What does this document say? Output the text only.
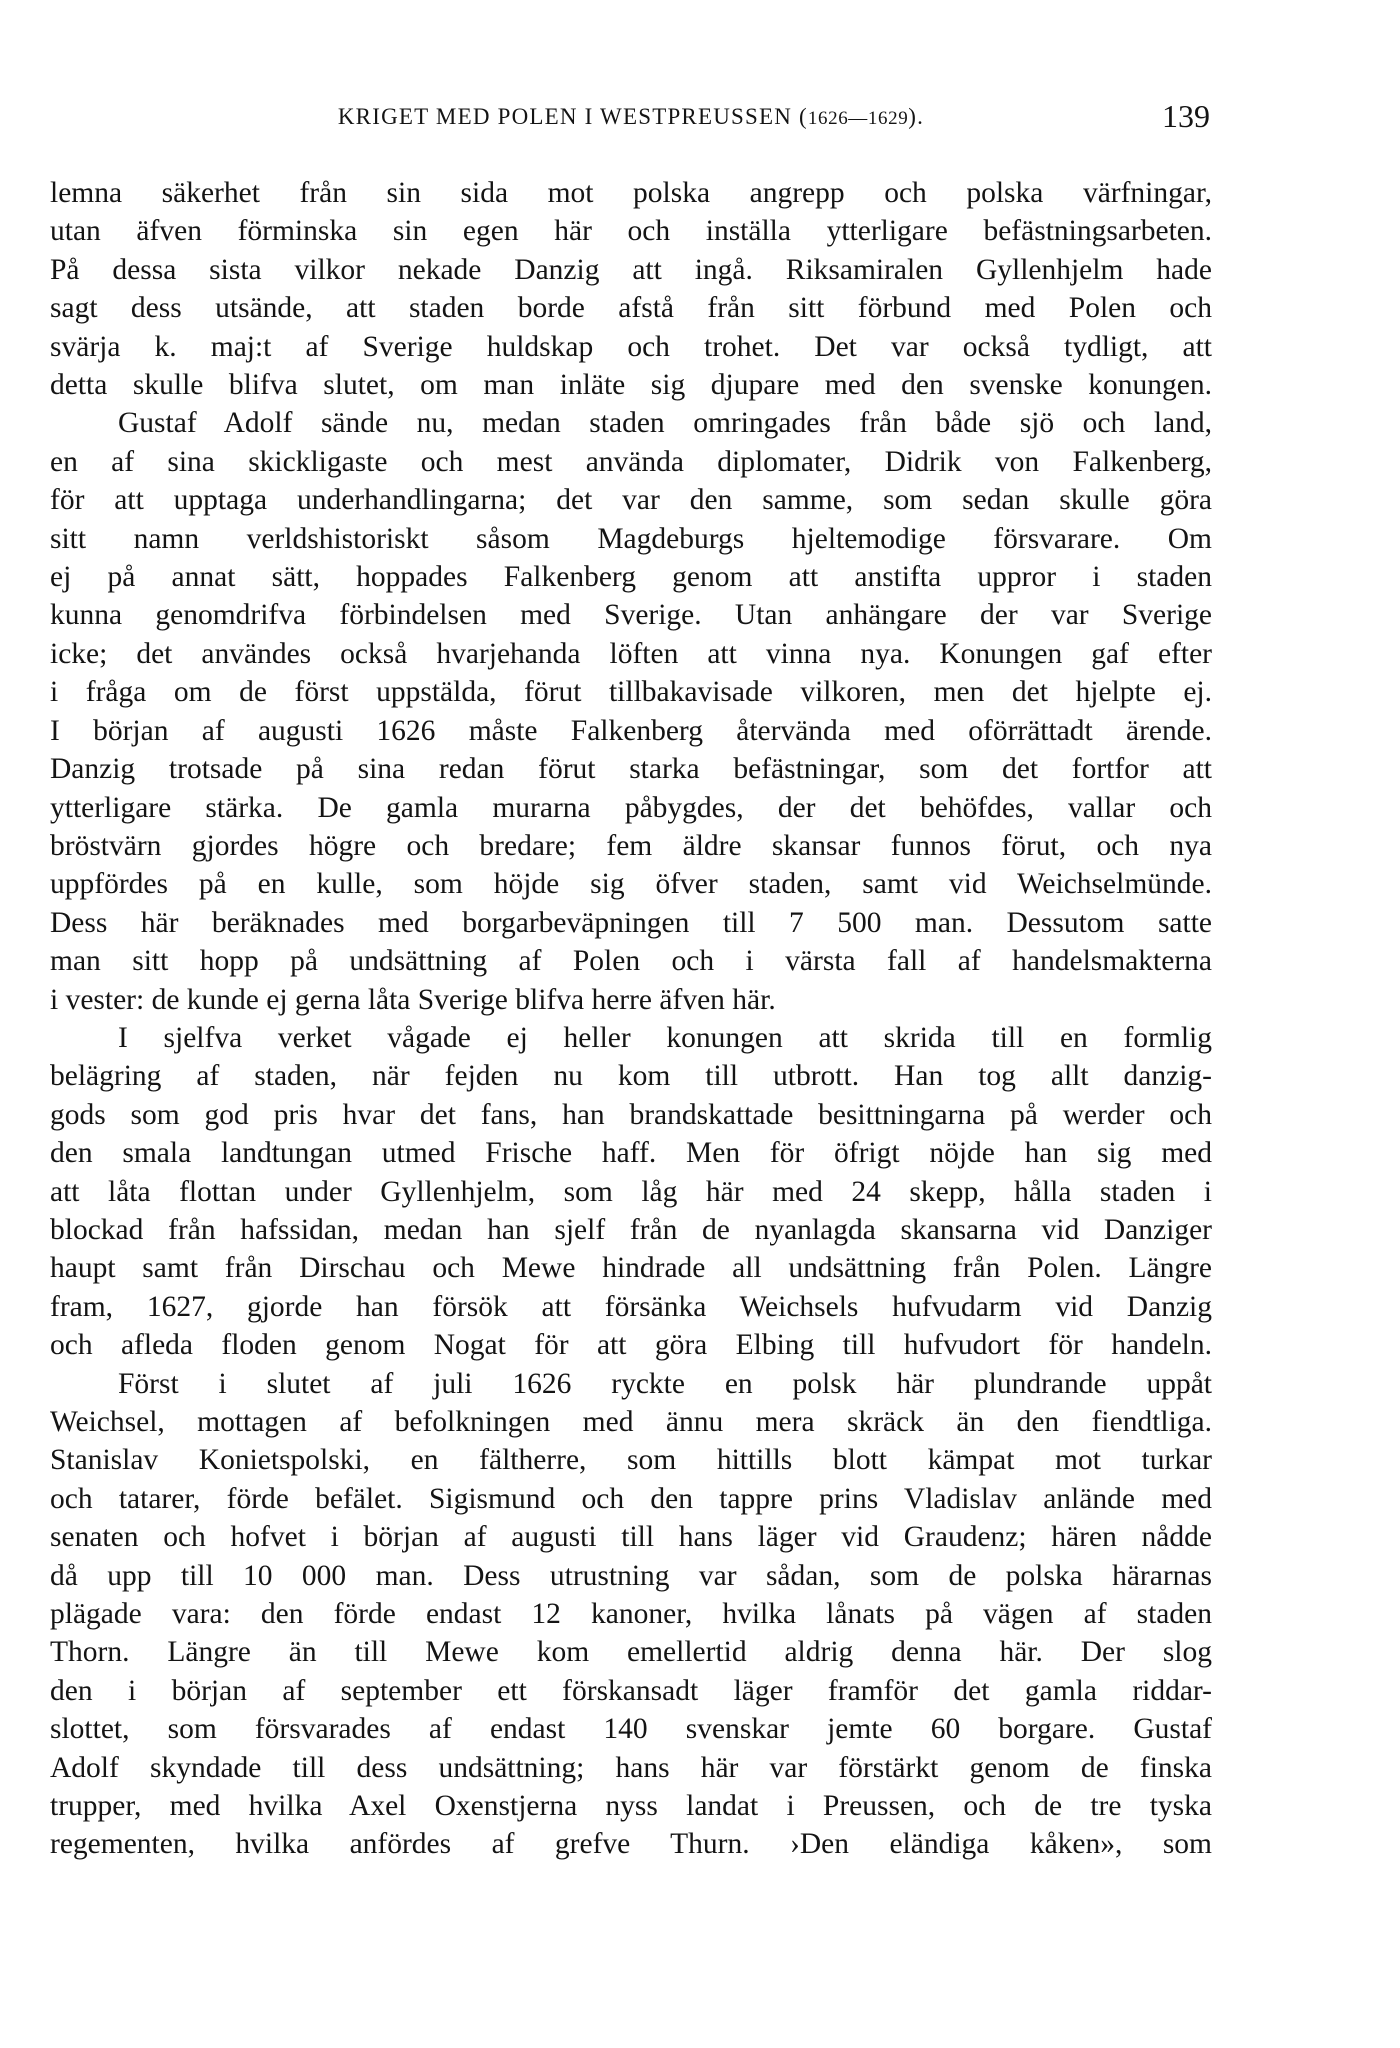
KRIGET MED POLEN I WESTPREUSSEN (1626—1629).	139
lemna säkerhet från sin sida mot polska angrepp och polska värfningar,
utan äfven förminska sin egen här och inställa ytterligare befästningsarbeten.
På dessa sista vilkor nekade Danzig att ingå. Riksamiralen Gyllenhjelm hade
sagt dess utsände, att staden borde afstå från sitt förbund med Polen och
svärja k. maj:t af Sverige huldskap och trohet. Det var också tydligt, att
detta skulle blifva slutet, om man inläte sig djupare med den svenske konungen.
Gustaf Adolf sände nu, medan staden omringades från både sjö och land,
en af sina skickligaste och mest använda diplomater, Didrik von Falkenberg,
för att upptaga underhandlingarna; det var den samme, som sedan skulle göra
sitt namn verldshistoriskt såsom Magdeburgs hjeltemodige försvarare. Om
ej på annat sätt, hoppades Falkenberg genom att anstifta uppror i staden
kunna genomdrifva förbindelsen med Sverige. Utan anhängare der var Sverige
icke; det användes också hvarjehanda löften att vinna nya. Konungen gaf efter
i fråga om de först uppstälda, förut tillbakavisade vilkoren, men det hjelpte ej.
I början af augusti 1626 måste Falkenberg återvända med oförrättadt ärende.
Danzig trotsade på sina redan förut starka befästningar, som det fortfor att
ytterligare stärka. De gamla murarna påbygdes, der det behöfdes, vallar och
bröstvärn gjordes högre och bredare; fem äldre skansar funnos förut, och nya
uppfördes på en kulle, som höjde sig öfver staden, samt vid Weichselmünde.
Dess här beräknades med borgarbeväpningen till 7 500 man. Dessutom satte
man sitt hopp på undsättning af Polen och i värsta fall af handelsmakterna
i vester: de kunde ej gerna låta Sverige blifva herre äfven här.
I sjelfva verket vågade ej heller konungen att skrida till en formlig
belägring af staden, när fejden nu kom till utbrott. Han tog allt danzig-
gods som god pris hvar det fans, han brandskattade besittningarna på werder och
den smala landtungan utmed Frische haff. Men för öfrigt nöjde han sig med
att låta flottan under Gyllenhjelm, som låg här med 24 skepp, hålla staden i
blockad från hafssidan, medan han sjelf från de nyanlagda skansarna vid Danziger
haupt samt från Dirschau och Mewe hindrade all undsättning från Polen. Längre
fram, 1627, gjorde han försök att försänka Weichsels hufvudarm vid Danzig
och afleda floden genom Nogat för att göra Elbing till hufvudort för handeln.
Först i slutet af juli 1626 ryckte en polsk här plundrande uppåt
Weichsel, mottagen af befolkningen med ännu mera skräck än den fiendtliga.
Stanislav Konietspolski, en fältherre, som hittills blott kämpat mot turkar
och tatarer, förde befälet. Sigismund och den tappre prins Vladislav anlände med
senaten och hofvet i början af augusti till hans läger vid Graudenz; hären nådde
då upp till 10 000 man. Dess utrustning var sådan, som de polska härarnas
plägade vara: den förde endast 12 kanoner, hvilka lånats på vägen af staden
Thorn. Längre än till Mewe kom emellertid aldrig denna här. Der slog
den i början af september ett förskansadt läger framför det gamla riddar-
slottet, som försvarades af endast 140 svenskar jemte 60 borgare. Gustaf
Adolf skyndade till dess undsättning; hans här var förstärkt genom de finska
trupper, med hvilka Axel Oxenstjerna nyss landat i Preussen, och de tre tyska
regementen, hvilka anfördes af grefve Thurn. ›Den eländiga kåken», som
